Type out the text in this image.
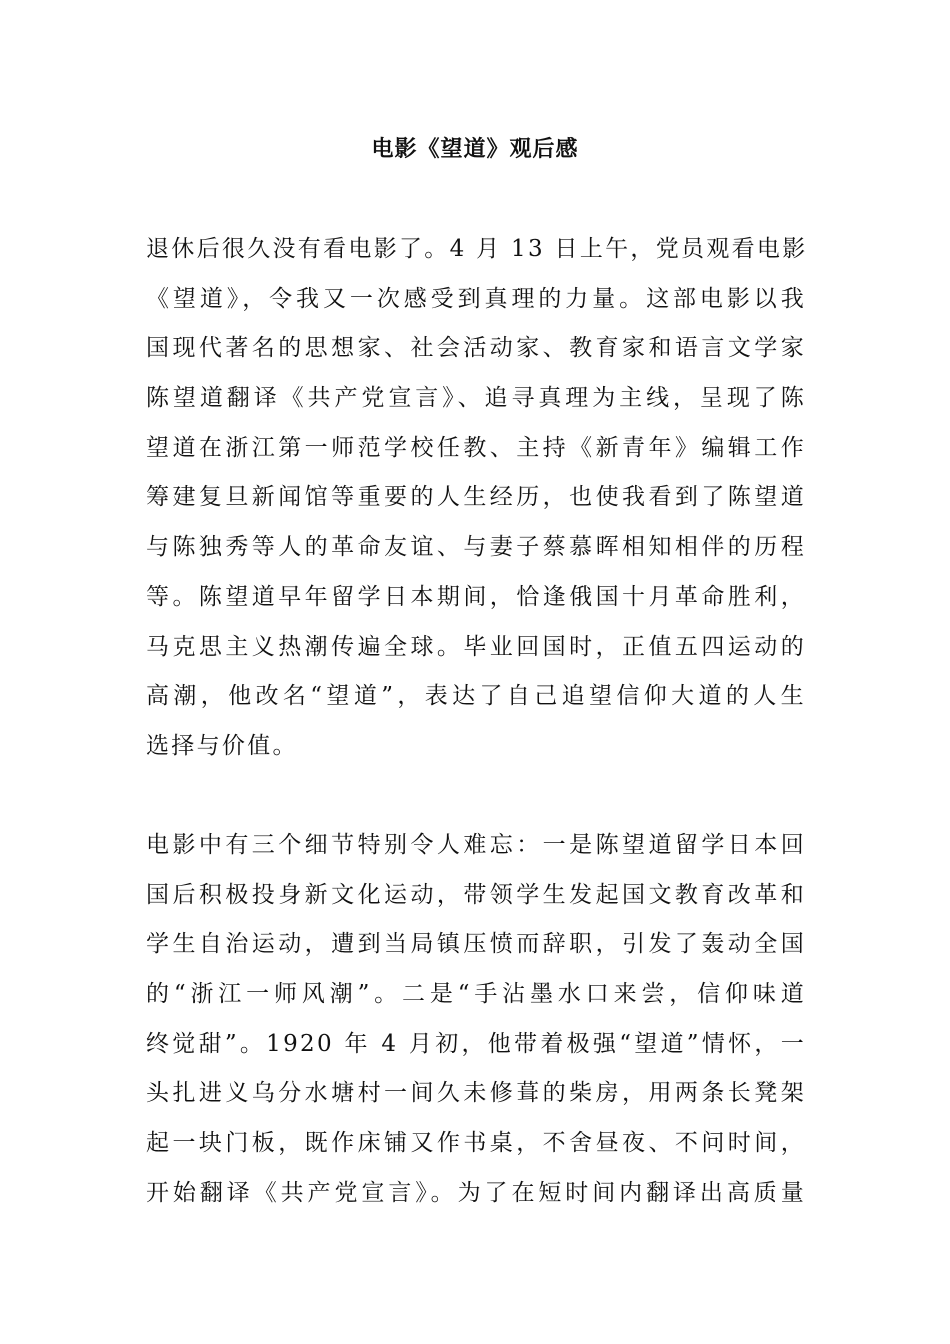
电影《望道》观后感
退休后很久没有看电影了。4 月 13 日上午，党员观看电影
《望道》，令我又一次感受到真理的力量。这部电影以我
国现代著名的思想家、社会活动家、教育家和语言文学家
陈望道翻译《共产党宣言》、追寻真理为主线，呈现了陈
望道在浙江第一师范学校任教、主持《新青年》编辑工作
筹建复旦新闻馆等重要的人生经历，也使我看到了陈望道
与陈独秀等人的革命友谊、与妻子蔡慕晖相知相伴的历程
等。陈望道早年留学日本期间，恰逢俄国十月革命胜利，
马克思主义热潮传遍全球。毕业回国时，正值五四运动的
高潮，他改名“望道”，表达了自己追望信仰大道的人生
选择与价值。
电影中有三个细节特别令人难忘：一是陈望道留学日本回
国后积极投身新文化运动，带领学生发起国文教育改革和
学生自治运动，遭到当局镇压愤而辞职，引发了轰动全国
的“浙江一师风潮”。二是“手沾墨水口来尝，信仰味道
终觉甜”。1920 年 4 月初，他带着极强“望道”情怀，一
头扎进义乌分水塘村一间久未修葺的柴房，用两条长凳架
起一块门板，既作床铺又作书桌，不舍昼夜、不问时间，
开始翻译《共产党宣言》。为了在短时间内翻译出高质量
